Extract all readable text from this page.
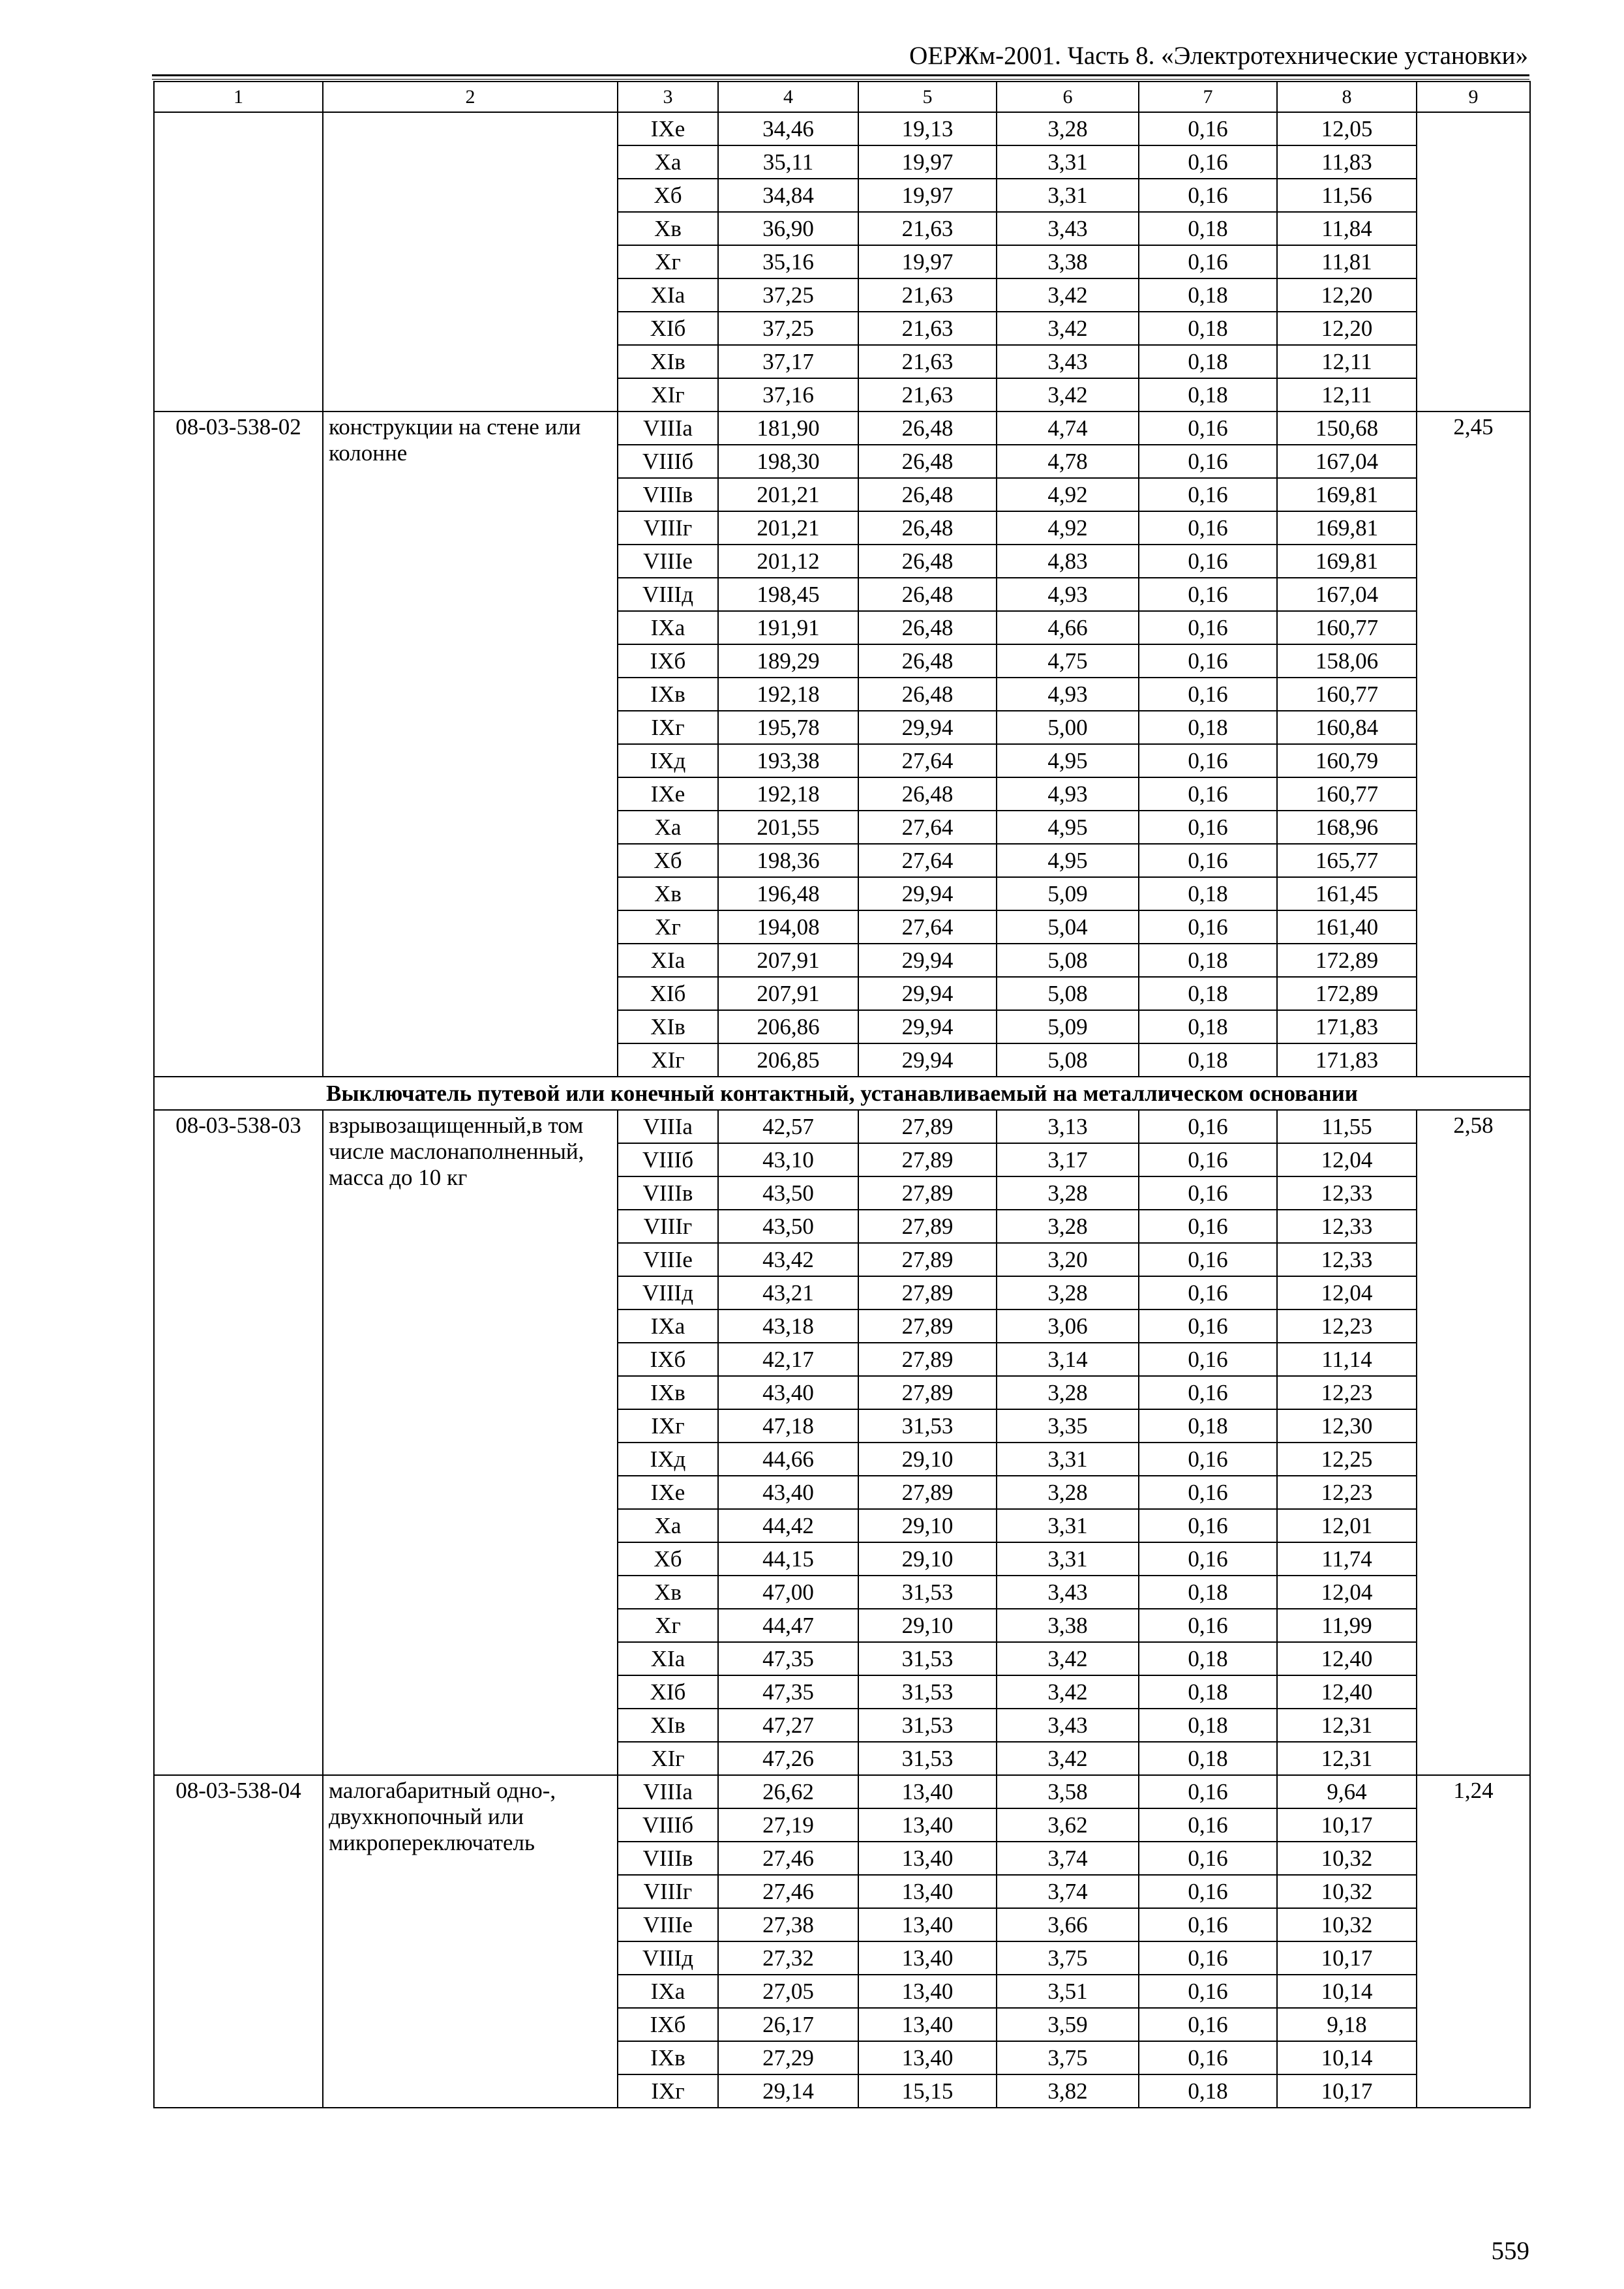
ОЕРЖм-2001. Часть 8. «Электротехнические установки»
1	2	3	4	5	6	7	8	9
		IXe	34,46	19,13	3,28	0,16	12,05	
		Xa	35,11	19,97	3,31	0,16	11,83	
		Xб	34,84	19,97	3,31	0,16	11,56	
		Xв	36,90	21,63	3,43	0,18	11,84	
		Xг	35,16	19,97	3,38	0,16	11,81	
		XIa	37,25	21,63	3,42	0,18	12,20	
		XIб	37,25	21,63	3,42	0,18	12,20	
		XIв	37,17	21,63	3,43	0,18	12,11	
		XIг	37,16	21,63	3,42	0,18	12,11	
08-03-538-02	конструкции на стене или колонне	VIIIa	181,90	26,48	4,74	0,16	150,68	2,45
		VIIIб	198,30	26,48	4,78	0,16	167,04	
		VIIIв	201,21	26,48	4,92	0,16	169,81	
		VIIIг	201,21	26,48	4,92	0,16	169,81	
		VIIIe	201,12	26,48	4,83	0,16	169,81	
		VIIIд	198,45	26,48	4,93	0,16	167,04	
		IXa	191,91	26,48	4,66	0,16	160,77	
		IXб	189,29	26,48	4,75	0,16	158,06	
		IXв	192,18	26,48	4,93	0,16	160,77	
		IXг	195,78	29,94	5,00	0,18	160,84	
		IXд	193,38	27,64	4,95	0,16	160,79	
		IXe	192,18	26,48	4,93	0,16	160,77	
		Xa	201,55	27,64	4,95	0,16	168,96	
		Xб	198,36	27,64	4,95	0,16	165,77	
		Xв	196,48	29,94	5,09	0,18	161,45	
		Xг	194,08	27,64	5,04	0,16	161,40	
		XIa	207,91	29,94	5,08	0,18	172,89	
		XIб	207,91	29,94	5,08	0,18	172,89	
		XIв	206,86	29,94	5,09	0,18	171,83	
		XIг	206,85	29,94	5,08	0,18	171,83	
Выключатель путевой или конечный контактный, устанавливаемый на металлическом основании								
08-03-538-03	взрывозащищенный,в том числе маслонаполненный, масса до 10 кг	VIIIa	42,57	27,89	3,13	0,16	11,55	2,58
		VIIIб	43,10	27,89	3,17	0,16	12,04	
		VIIIв	43,50	27,89	3,28	0,16	12,33	
		VIIIг	43,50	27,89	3,28	0,16	12,33	
		VIIIe	43,42	27,89	3,20	0,16	12,33	
		VIIIд	43,21	27,89	3,28	0,16	12,04	
		IXa	43,18	27,89	3,06	0,16	12,23	
		IXб	42,17	27,89	3,14	0,16	11,14	
		IXв	43,40	27,89	3,28	0,16	12,23	
		IXг	47,18	31,53	3,35	0,18	12,30	
		IXд	44,66	29,10	3,31	0,16	12,25	
		IXe	43,40	27,89	3,28	0,16	12,23	
		Xa	44,42	29,10	3,31	0,16	12,01	
		Xб	44,15	29,10	3,31	0,16	11,74	
		Xв	47,00	31,53	3,43	0,18	12,04	
		Xг	44,47	29,10	3,38	0,16	11,99	
		XIa	47,35	31,53	3,42	0,18	12,40	
		XIб	47,35	31,53	3,42	0,18	12,40	
		XIв	47,27	31,53	3,43	0,18	12,31	
		XIг	47,26	31,53	3,42	0,18	12,31	
08-03-538-04	малогабаритный одно-, двухкнопочный или микропереключатель	VIIIa	26,62	13,40	3,58	0,16	9,64	1,24
		VIIIб	27,19	13,40	3,62	0,16	10,17	
		VIIIв	27,46	13,40	3,74	0,16	10,32	
		VIIIг	27,46	13,40	3,74	0,16	10,32	
		VIIIe	27,38	13,40	3,66	0,16	10,32	
		VIIIд	27,32	13,40	3,75	0,16	10,17	
		IXa	27,05	13,40	3,51	0,16	10,14	
		IXб	26,17	13,40	3,59	0,16	9,18	
		IXв	27,29	13,40	3,75	0,16	10,14	
		IXг	29,14	15,15	3,82	0,18	10,17	
559
